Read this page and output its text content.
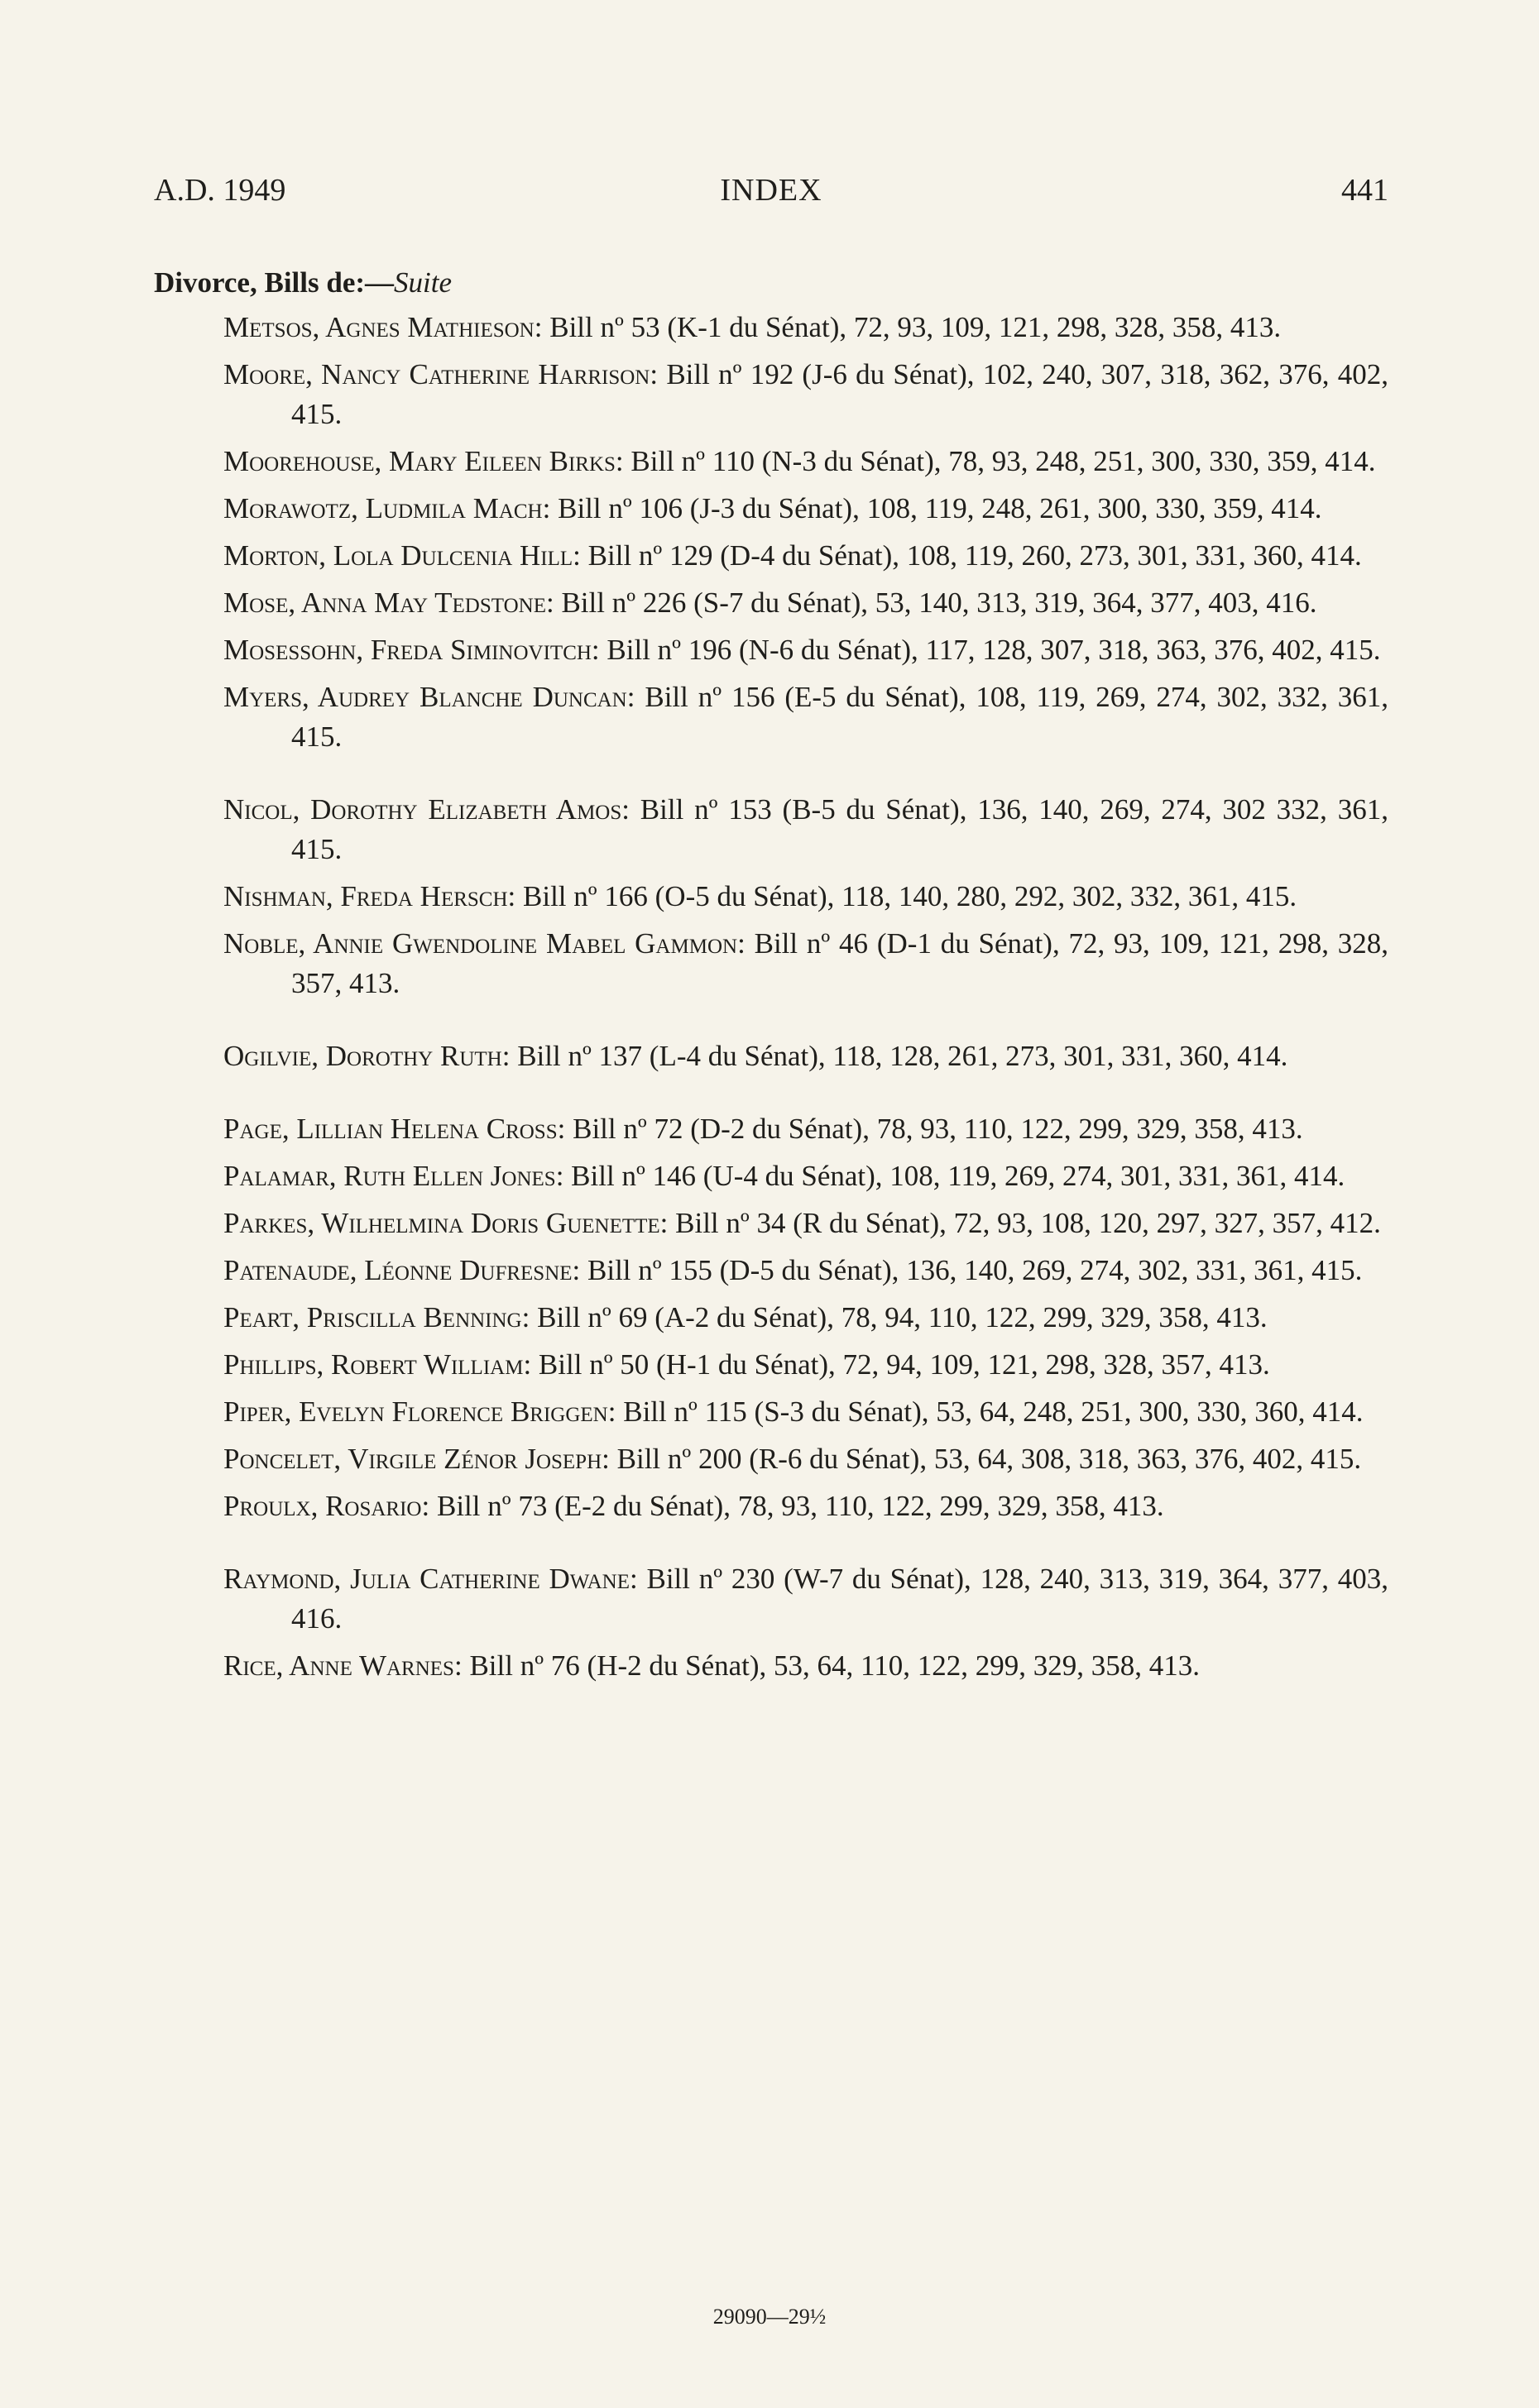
A.D. 1949	INDEX	441
Divorce, Bills de:—Suite
Metsos, Agnes Mathieson: Bill nº 53 (K-1 du Sénat), 72, 93, 109, 121, 298, 328, 358, 413.
Moore, Nancy Catherine Harrison: Bill nº 192 (J-6 du Sénat), 102, 240, 307, 318, 362, 376, 402, 415.
Moorehouse, Mary Eileen Birks: Bill nº 110 (N-3 du Sénat), 78, 93, 248, 251, 300, 330, 359, 414.
Morawotz, Ludmila Mach: Bill nº 106 (J-3 du Sénat), 108, 119, 248, 261, 300, 330, 359, 414.
Morton, Lola Dulcenia Hill: Bill nº 129 (D-4 du Sénat), 108, 119, 260, 273, 301, 331, 360, 414.
Mose, Anna May Tedstone: Bill nº 226 (S-7 du Sénat), 53, 140, 313, 319, 364, 377, 403, 416.
Mosessohn, Freda Siminovitch: Bill nº 196 (N-6 du Sénat), 117, 128, 307, 318, 363, 376, 402, 415.
Myers, Audrey Blanche Duncan: Bill nº 156 (E-5 du Sénat), 108, 119, 269, 274, 302, 332, 361, 415.
Nicol, Dorothy Elizabeth Amos: Bill nº 153 (B-5 du Sénat), 136, 140, 269, 274, 302 332, 361, 415.
Nishman, Freda Hersch: Bill nº 166 (O-5 du Sénat), 118, 140, 280, 292, 302, 332, 361, 415.
Noble, Annie Gwendoline Mabel Gammon: Bill nº 46 (D-1 du Sénat), 72, 93, 109, 121, 298, 328, 357, 413.
Ogilvie, Dorothy Ruth: Bill nº 137 (L-4 du Sénat), 118, 128, 261, 273, 301, 331, 360, 414.
Page, Lillian Helena Cross: Bill nº 72 (D-2 du Sénat), 78, 93, 110, 122, 299, 329, 358, 413.
Palamar, Ruth Ellen Jones: Bill nº 146 (U-4 du Sénat), 108, 119, 269, 274, 301, 331, 361, 414.
Parkes, Wilhelmina Doris Guenette: Bill nº 34 (R du Sénat), 72, 93, 108, 120, 297, 327, 357, 412.
Patenaude, Léonne Dufresne: Bill nº 155 (D-5 du Sénat), 136, 140, 269, 274, 302, 331, 361, 415.
Peart, Priscilla Benning: Bill nº 69 (A-2 du Sénat), 78, 94, 110, 122, 299, 329, 358, 413.
Phillips, Robert William: Bill nº 50 (H-1 du Sénat), 72, 94, 109, 121, 298, 328, 357, 413.
Piper, Evelyn Florence Briggen: Bill nº 115 (S-3 du Sénat), 53, 64, 248, 251, 300, 330, 360, 414.
Poncelet, Virgile Zénor Joseph: Bill nº 200 (R-6 du Sénat), 53, 64, 308, 318, 363, 376, 402, 415.
Proulx, Rosario: Bill nº 73 (E-2 du Sénat), 78, 93, 110, 122, 299, 329, 358, 413.
Raymond, Julia Catherine Dwane: Bill nº 230 (W-7 du Sénat), 128, 240, 313, 319, 364, 377, 403, 416.
Rice, Anne Warnes: Bill nº 76 (H-2 du Sénat), 53, 64, 110, 122, 299, 329, 358, 413.
29090—29½
